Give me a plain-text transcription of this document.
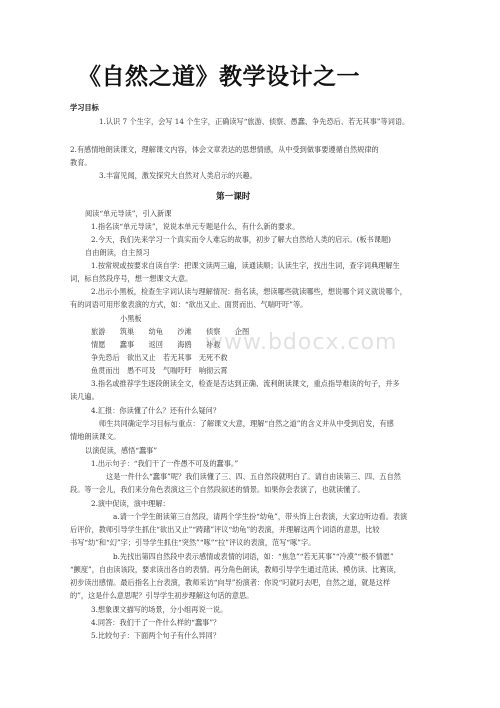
《自然之道》教学设计之一
学习目标
1.认识 7 个生字，会写 14 个生字，正确读写“旅游、侦察、愚蠢、争先恐后、若无其事”等词语。
2.有感情地朗读课文，理解课文内容，体会文章表达的思想情感，从中受到做事要遵循自然规律的
教育。
3.丰富见闻，激发探究大自然对人类启示的兴趣。
第一课时
阅读“单元导读”，引入新课
1.指名读“单元导读”，说说本单元专题是什么，有什么新的要求。
2.今天，我们先来学习一个真实而令人难忘的故事，初步了解大自然给人类的启示。(板书课题)
自由朗读，自主预习
1.按常规或按要求自读自学：把课文读两三遍，读通读顺；认读生字，找出生词，查字词典理解生
词，标自然段序号，想一想课文大意。
2.出示小黑板，检查生字词认读与理解情况：指名读，想读哪些就读哪些，想说哪个词义就说哪个，
有的词语可用形象表演的方式，如：“欲出又止、面贯而出、气喘吁吁”等。
小黑板
旅游　　筑巢　　幼龟　　沙滩　　侦察　　企图
情愿　　蠢事　　返回　　海鸥　　补救
争先恐后　欲出又止　若无其事　无死不救
鱼贯而出　愚不可及　气喘吁吁　响彻云霄
www.bdocx.com
3.指名或推荐学生逐段朗读全文，检查是否达到正确、流利朗读课文，重点指导难读的句子，并多
读几遍。
4.汇报：你读懂了什么？还有什么疑问？
师生共同确定学习目标与重点：了解课文大意，理解“自然之道”的含义并从中受到启发，有感
情地朗读课文。
以演促读，感悟“蠢事”
1.出示句子：“我们干了一件愚不可及的蠢事。”
这是一件什么“蠢事”呢？我们读懂了三、四、五自然段就明白了。请自由读第三、四、五自然
段。等一会儿，我们来分角色表演这三个自然段叙述的情景。如果你会表演了，也就读懂了。
2.演中促读，演中理解：
a.请一个学生朗读第三自然段，请两个学生扮“幼龟”，带头饰上台表演，大家边听边看。表演
后评价，教师引导学生抓住“欲出又止”“踌躇”评议“幼龟”的表演，并理解这两个词语的意思，比较
书写“幼”和“幻”字；引导学生抓住“突然”“啄”“拉”评议的表演，范写“啄”字。
b.先找出第四自然段中表示感情或表情的词语，如：“焦急”“若无其事”“冷漠”“极不情愿”
“颤度”，自由读该段，要求读出各自的表情。再分角色朗读，教师引导学生通过范读、模仿读、比赛读，
初步读出感情。最后指名上台表演，教师采访“向导”扮演者：你说“叼就叼去吧，自然之道，就是这样
的”，这是什么意思呢？引导学生初步理解这句话的意思。
3.想象课文描写的场景，分小组再说一说。
4.同答：我们干了一件什么样的“蠢事”？
5.比较句子：下面两个句子有什么异同？
